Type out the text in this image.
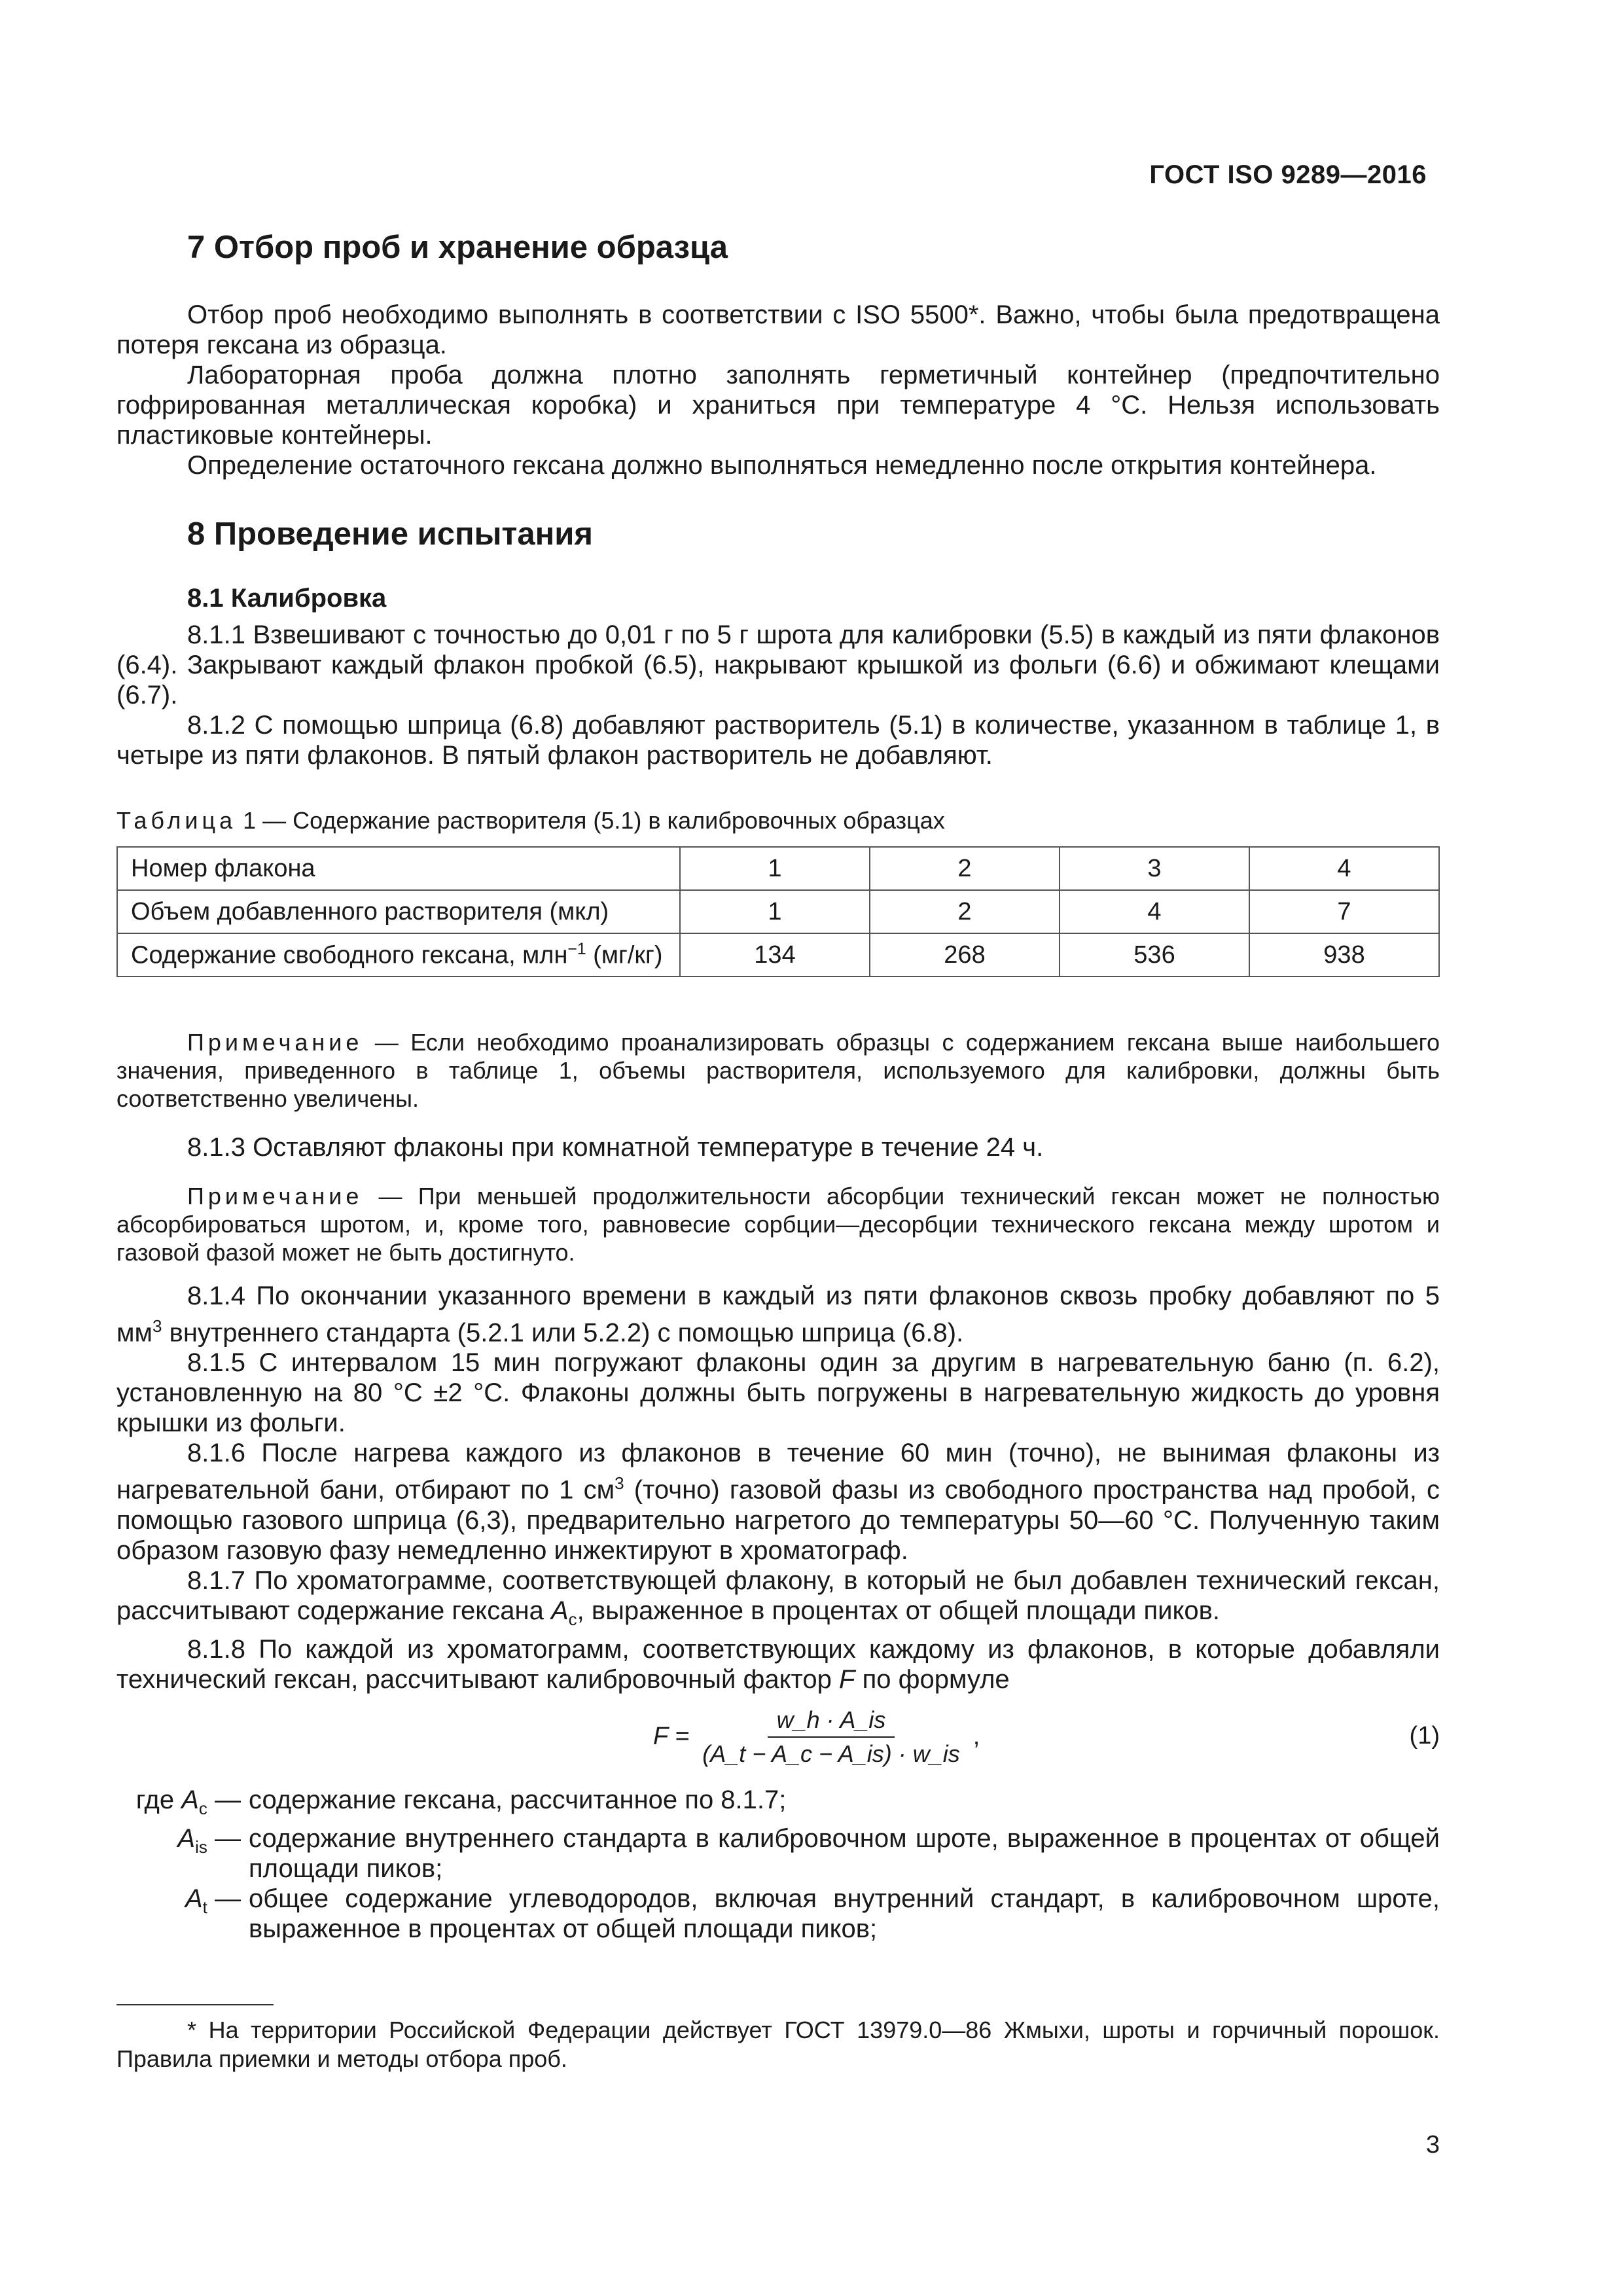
ГОСТ ISO 9289—2016
7 Отбор проб и хранение образца

Отбор проб необходимо выполнять в соответствии с ISO 5500*. Важно, чтобы была предотвращена потеря гексана из образца.

Лабораторная проба должна плотно заполнять герметичный контейнер (предпочтительно гофрированная металлическая коробка) и храниться при температуре 4 °С. Нельзя использовать пластиковые контейнеры.

Определение остаточного гексана должно выполняться немедленно после открытия контейнера.

8 Проведение испытания
8.1 Калибровка

8.1.1 Взвешивают с точностью до 0,01 г по 5 г шрота для калибровки (5.5) в каждый из пяти флаконов (6.4). Закрывают каждый флакон пробкой (6.5), накрывают крышкой из фольги (6.6) и обжимают клещами (6.7).

8.1.2 С помощью шприца (6.8) добавляют растворитель (5.1) в количестве, указанном в таблице 1, в четыре из пяти флаконов. В пятый флакон растворитель не добавляют.

Таблица 1 — Содержание растворителя (5.1) в калибровочных образцах

Номер флакона	1	2	3	4
Объем добавленного растворителя (мкл)	1	2	4	7
Содержание свободного гексана, млн$^{-1}$ (мг/кг)	134	268	536	938

Примечание — Если необходимо проанализировать образцы с содержанием гексана выше наибольшего значения, приведенного в таблице 1, объемы растворителя, используемого для калибровки, должны быть соответственно увеличены.

8.1.3 Оставляют флаконы при комнатной температуре в течение 24 ч.

Примечание — При меньшей продолжительности абсорбции технический гексан может не полностью абсорбироваться шротом, и, кроме того, равновесие сорбции—десорбции технического гексана между шротом и газовой фазой может не быть достигнуто.

8.1.4 По окончании указанного времени в каждый из пяти флаконов сквозь пробку добавляют по 5 $мм^3$ внутреннего стандарта (5.2.1 или 5.2.2) с помощью шприца (6.8).

8.1.5 С интервалом 15 мин погружают флаконы один за другим в нагревательную баню (п. 6.2), установленную на 80 °С ±2 °С. Флаконы должны быть погружены в нагревательную жидкость до уровня крышки из фольги.

8.1.6 После нагрева каждого из флаконов в течение 60 мин (точно), не вынимая флаконы из нагревательной бани, отбирают по 1 $см^3$ (точно) газовой фазы из свободного пространства над пробой, с помощью газового шприца (6,3), предварительно нагретого до температуры 50—60 °С. Полученную таким образом газовую фазу немедленно инжектируют в хроматограф.

8.1.7 По хроматограмме, соответствующей флакону, в который не был добавлен технический гексан, рассчитывают содержание гексана $A_c$, выраженное в процентах от общей площади пиков.

8.1.8 По каждой из хроматограмм, соответствующих каждому из флаконов, в которые добавляли технический гексан, рассчитывают калибровочный фактор F по формуле

$F = \frac{w\_h \cdot A\_is}{(A\_t - A\_c - A\_is) \cdot w\_is}$ ,	(1)
где $A_c$ — содержание гексана, рассчитанное по 8.1.7;
$A_{is}$ — содержание внутреннего стандарта в калибровочном шроте, выраженное в процентах от общей площади пиков;
$A_t$ — общее содержание углеводородов, включая внутренний стандарт, в калибровочном шроте, выраженное в процентах от общей площади пиков;

* На территории Российской Федерации действует ГОСТ 13979.0—86 Жмыхи, шроты и горчичный порошок. Правила приемки и методы отбора проб.

3
